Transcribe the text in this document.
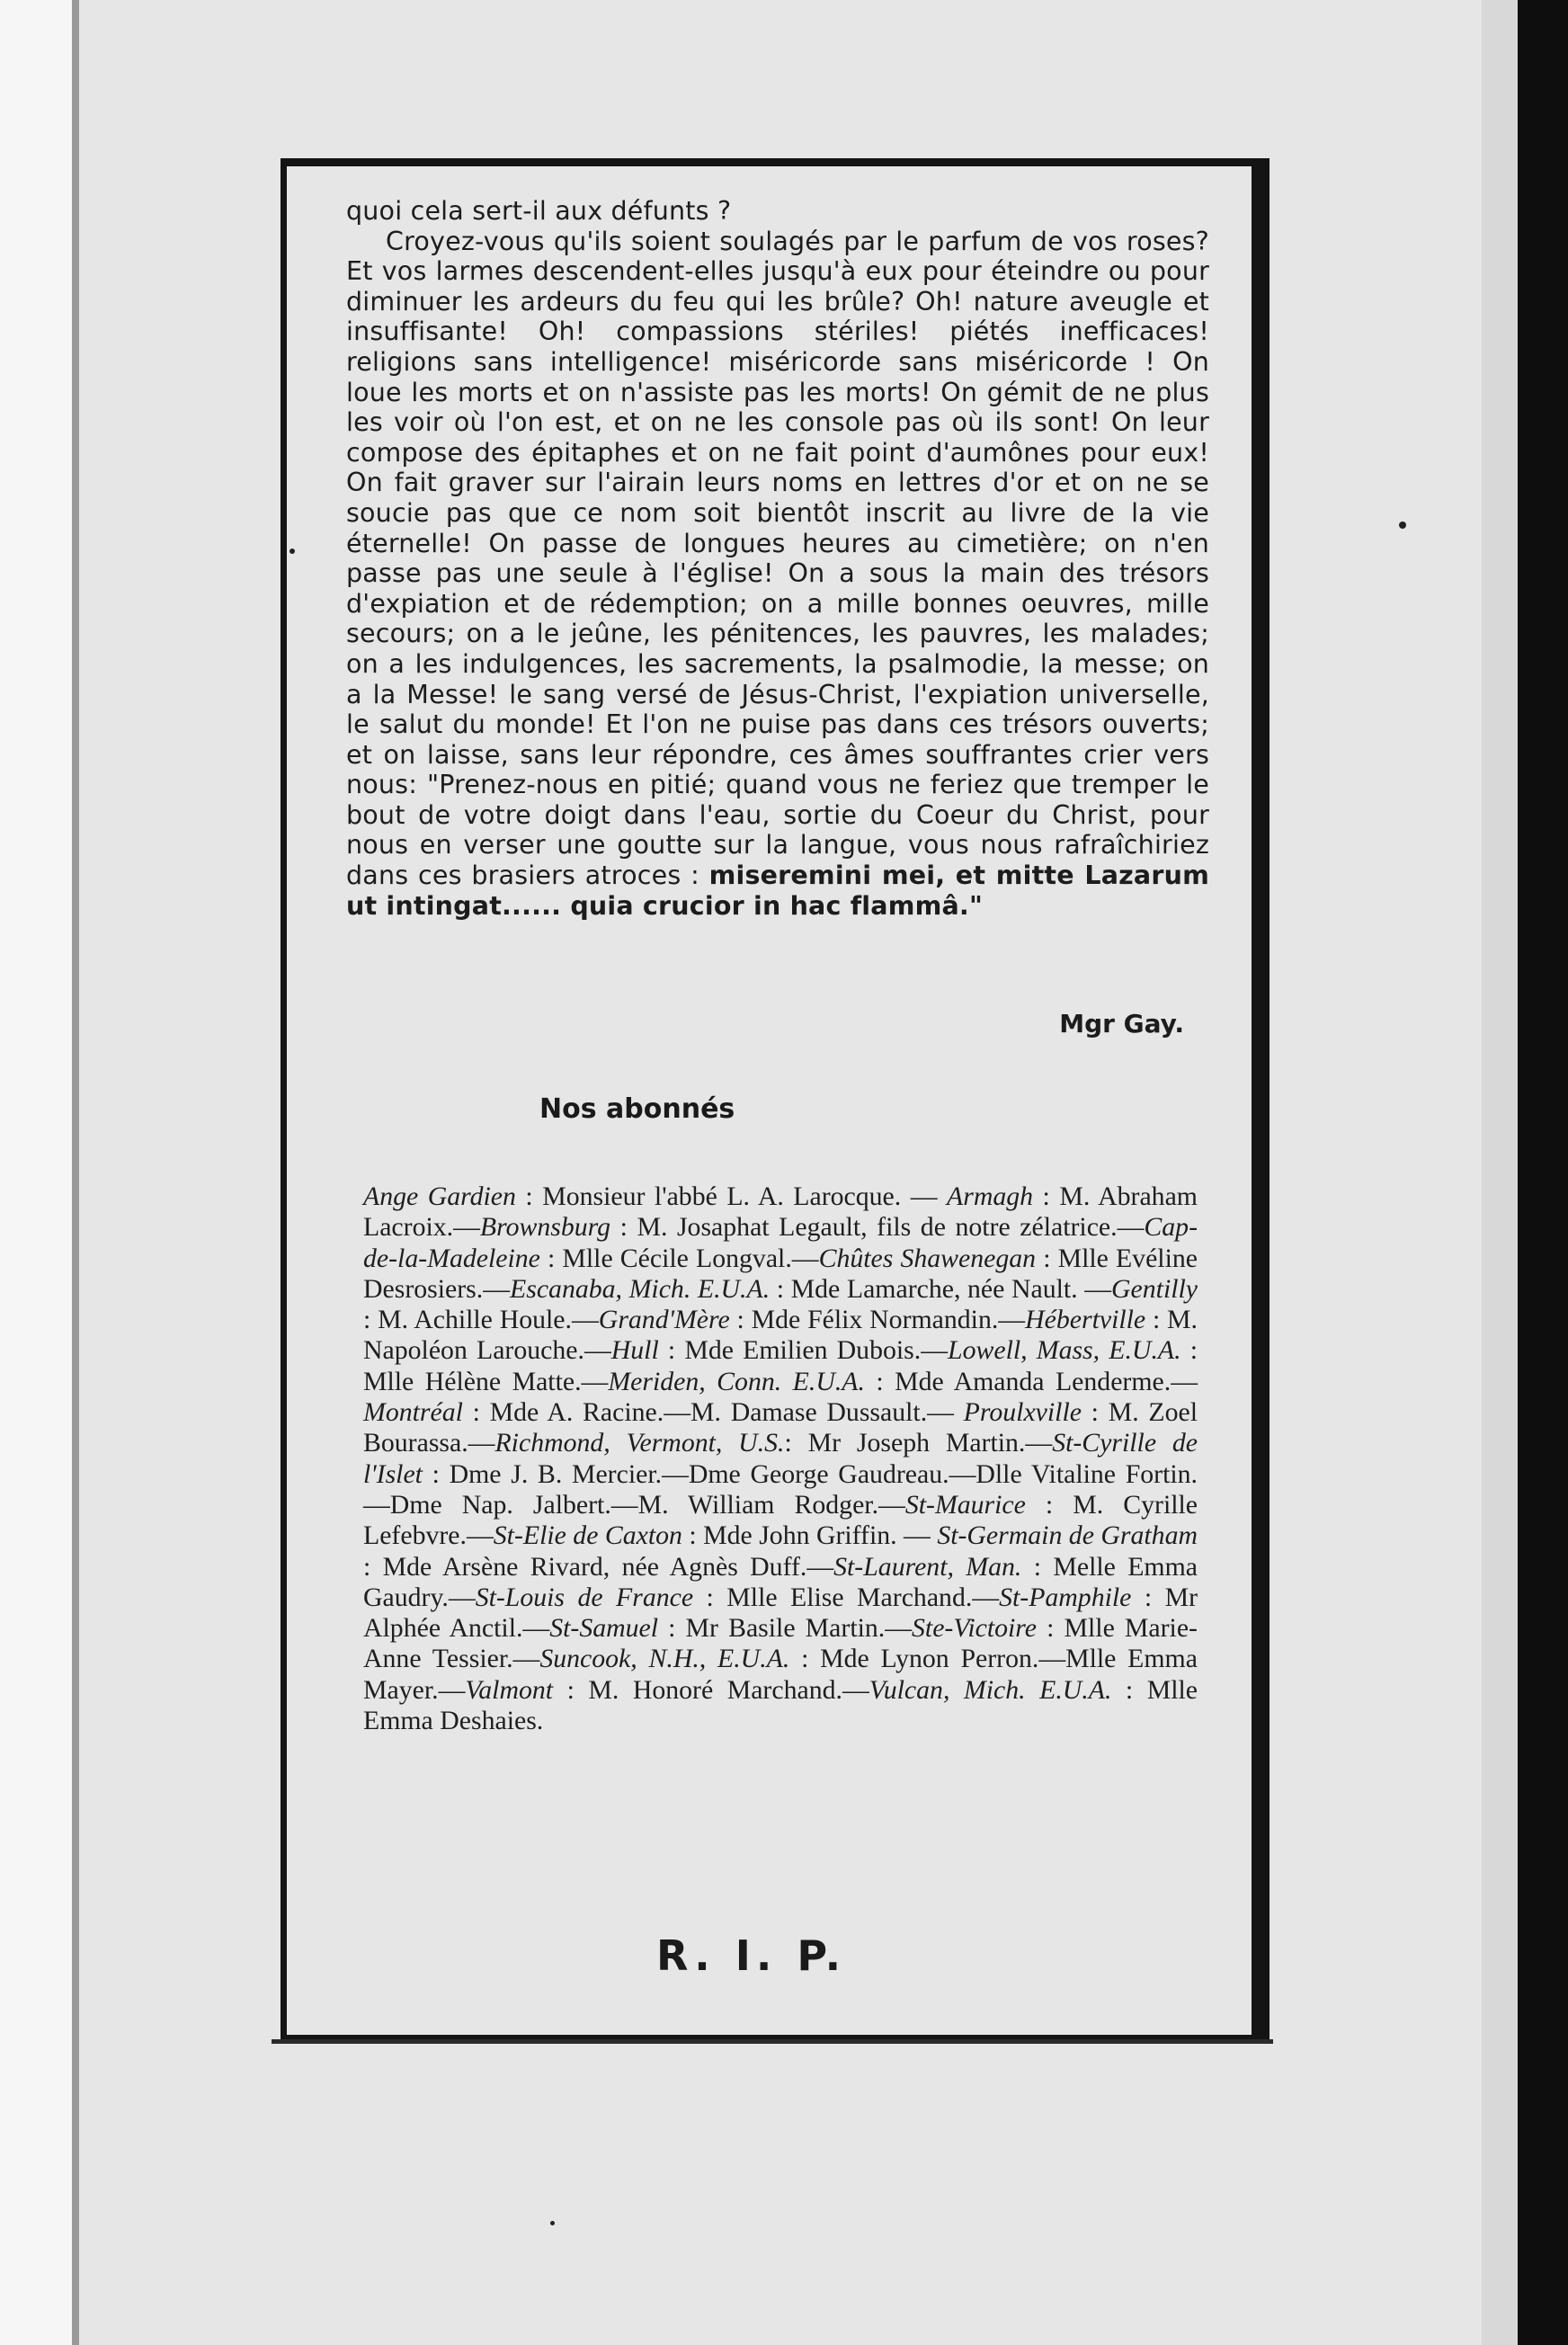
quoi cela sert-il aux défunts ?

Croyez-vous qu'ils soient soulagés par le parfum de vos roses? Et vos larmes descendent-elles jusqu'à eux pour éteindre ou pour diminuer les ardeurs du feu qui les brûle? Oh! nature aveugle et insuffisante! Oh! compassions stériles! piétés inefficaces! religions sans intelligence! miséricorde sans miséricorde ! On loue les morts et on n'assiste pas les morts! On gémit de ne plus les voir où l'on est, et on ne les console pas où ils sont! On leur compose des épitaphes et on ne fait point d'aumônes pour eux! On fait graver sur l'airain leurs noms en lettres d'or et on ne se soucie pas que ce nom soit bientôt inscrit au livre de la vie éternelle! On passe de longues heures au cimetière; on n'en passe pas une seule à l'église! On a sous la main des trésors d'expiation et de rédemption; on a mille bonnes oeuvres, mille secours; on a le jeûne, les pénitences, les pauvres, les malades; on a les indulgences, les sacrements, la psalmodie, la messe; on a la Messe! le sang versé de Jésus-Christ, l'expiation universelle, le salut du monde! Et l'on ne puise pas dans ces trésors ouverts; et on laisse, sans leur répondre, ces âmes souffrantes crier vers nous: "Prenez-nous en pitié; quand vous ne feriez que tremper le bout de votre doigt dans l'eau, sortie du Coeur du Christ, pour nous en verser une goutte sur la langue, vous nous rafraîchiriez dans ces brasiers atroces : miseremini mei, et mitte Lazarum ut intingat...... quia crucior in hac flammâ."

Mgr Gay.
Nos abonnés

Ange Gardien : Monsieur l'abbé L. A. Larocque. — Armagh : M. Abraham Lacroix.—Brownsburg : M. Josaphat Legault, fils de notre zélatrice.—Cap-de-la-Madeleine : Mlle Cécile Longval.—Chûtes Shawenegan : Mlle Evéline Desrosiers.—Escanaba, Mich. E.U.A. : Mde Lamarche, née Nault. —Gentilly : M. Achille Houle.—Grand'Mère : Mde Félix Normandin.—Hébertville : M. Napoléon Larouche.—Hull : Mde Emilien Dubois.—Lowell, Mass, E.U.A. : Mlle Hélène Matte.—Meriden, Conn. E.U.A. : Mde Amanda Lenderme.—Montréal : Mde A. Racine.—M. Damase Dussault.— Proulxville : M. Zoel Bourassa.—Richmond, Vermont, U.S.: Mr Joseph Martin.—St-Cyrille de l'Islet : Dme J. B. Mercier.—Dme George Gaudreau.—Dlle Vitaline Fortin.—Dme Nap. Jalbert.—M. William Rodger.—St-Maurice : M. Cyrille Lefebvre.—St-Elie de Caxton : Mde John Griffin. — St-Germain de Gratham : Mde Arsène Rivard, née Agnès Duff.—St-Laurent, Man. : Melle Emma Gaudry.—St-Louis de France : Mlle Elise Marchand.—St-Pamphile : Mr Alphée Anctil.—St-Samuel : Mr Basile Martin.—Ste-Victoire : Mlle Marie-Anne Tessier.—Suncook, N.H., E.U.A. : Mde Lynon Perron.—Mlle Emma Mayer.—Valmont : M. Honoré Marchand.—Vulcan, Mich. E.U.A. : Mlle Emma Deshaies.

R. I. P.
